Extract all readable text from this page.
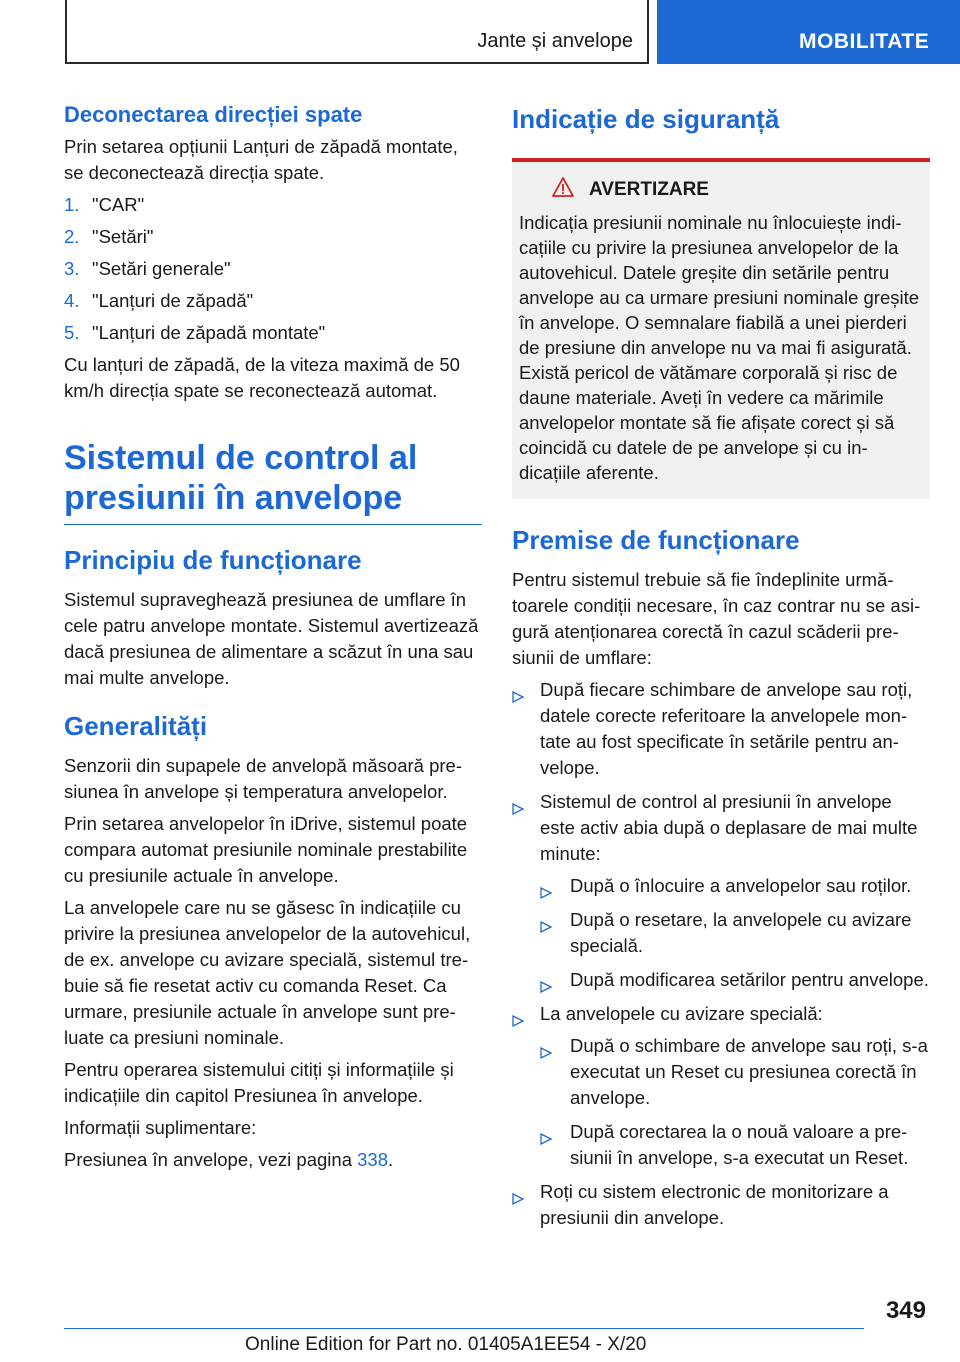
Jante și anvelope	MOBILITATE
Deconectarea direcției spate

Prin setarea opțiunii Lanțuri de zăpadă montate, se deconectează direcția spate.

1. "CAR"
2. "Setări"
3. "Setări generale"
4. "Lanțuri de zăpadă"
5. "Lanțuri de zăpadă montate"

Cu lanțuri de zăpadă, de la viteza maximă de 50 km/h direcția spate se reconectează automat.

Sistemul de control al presiunii în anvelope
Principiu de funcționare

Sistemul supraveghează presiunea de umflare în cele patru anvelope montate. Sistemul avertizează dacă presiunea de alimentare a scăzut în una sau mai multe anvelope.

Generalități

Senzorii din supapele de anvelopă măsoară presiunea în anvelope și temperatura anvelopelor.

Prin setarea anvelopelor în iDrive, sistemul poate compara automat presiunile nominale prestabilite cu presiunile actuale în anvelope.

La anvelopele care nu se găsesc în indicațiile cu privire la presiunea anvelopelor de la autovehicul, de ex. anvelope cu avizare specială, sistemul trebuie să fie resetat activ cu comanda Reset. Ca urmare, presiunile actuale în anvelope sunt preluate ca presiuni nominale.

Pentru operarea sistemului citiți și informațiile și indicațiile din capitol Presiunea în anvelope.

Informații suplimentare:

Presiunea în anvelope, vezi pagina 338.

Indicație de siguranță
AVERTIZARE

Indicația presiunii nominale nu înlocuiește indicațiile cu privire la presiunea anvelopelor de la autovehicul. Datele greșite din setările pentru anvelope au ca urmare presiuni nominale greșite în anvelope. O semnalare fiabilă a unei pierderi de presiune din anvelope nu va mai fi asigurată. Există pericol de vătămare corporală și risc de daune materiale. Aveți în vedere ca mărimile anvelopelor montate să fie afișate corect și să coincidă cu datele de pe anvelope și cu indicațiile aferente.

Premise de funcționare

Pentru sistemul trebuie să fie îndeplinite următoarele condiții necesare, în caz contrar nu se asigură atenționarea corectă în cazul scăderii presiunii de umflare:

După fiecare schimbare de anvelope sau roți, datele corecte referitoare la anvelopele montate au fost specificate în setările pentru anvelope.
Sistemul de control al presiunii în anvelope este activ abia după o deplasare de mai multe minute:
După o înlocuire a anvelopelor sau roților.
După o resetare, la anvelopele cu avizare specială.
După modificarea setărilor pentru anvelope.
La anvelopele cu avizare specială:
După o schimbare de anvelope sau roți, s-a executat un Reset cu presiunea corectă în anvelope.
După corectarea la o nouă valoare a presiunii în anvelope, s-a executat un Reset.
Roți cu sistem electronic de monitorizare a presiunii din anvelope.
349
Online Edition for Part no. 01405A1EE54 - X/20
